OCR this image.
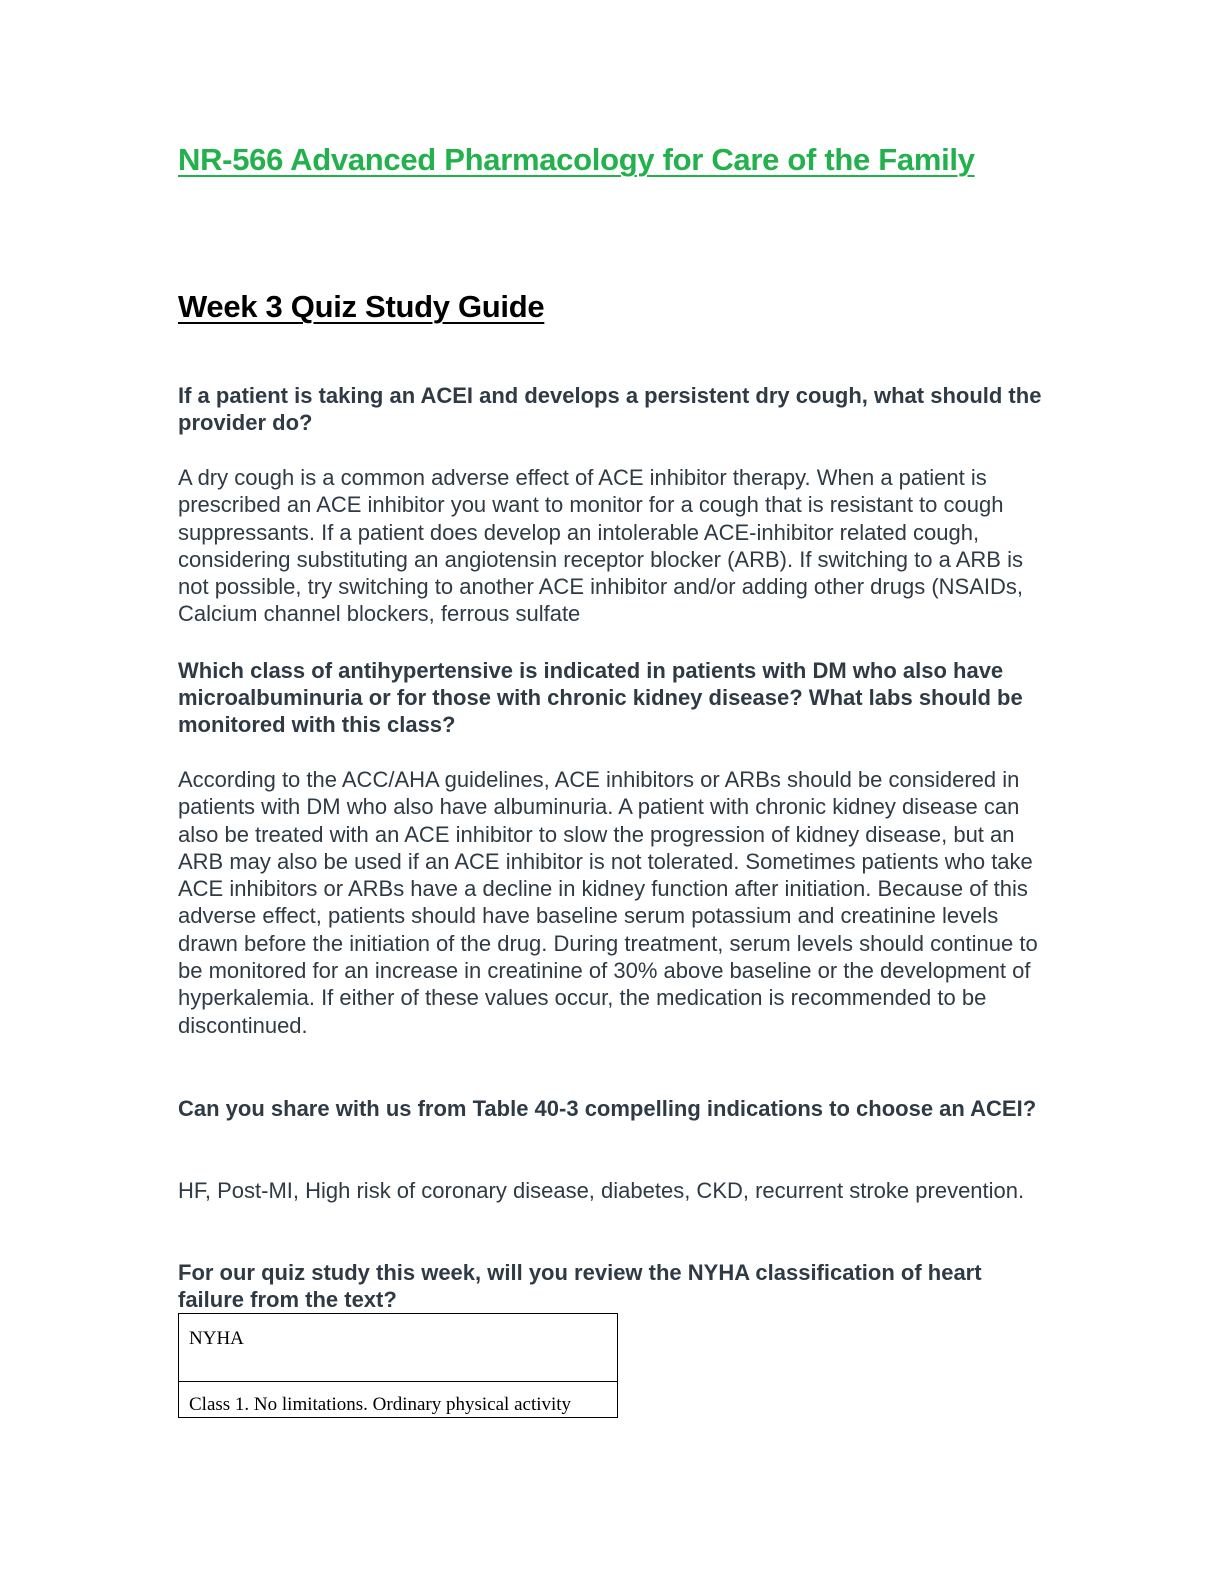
NR-566 Advanced Pharmacology for Care of the Family
Week 3 Quiz Study Guide

If a patient is taking an ACEI and develops a persistent dry cough, what should the provider do?

A dry cough is a common adverse effect of ACE inhibitor therapy. When a patient is prescribed an ACE inhibitor you want to monitor for a cough that is resistant to cough suppressants. If a patient does develop an intolerable ACE-inhibitor related cough, considering substituting an angiotensin receptor blocker (ARB). If switching to a ARB is not possible, try switching to another ACE inhibitor and/or adding other drugs (NSAIDs, Calcium channel blockers, ferrous sulfate

Which class of antihypertensive is indicated in patients with DM who also have microalbuminuria or for those with chronic kidney disease? What labs should be monitored with this class?

According to the ACC/AHA guidelines, ACE inhibitors or ARBs should be considered in patients with DM who also have albuminuria. A patient with chronic kidney disease can also be treated with an ACE inhibitor to slow the progression of kidney disease, but an ARB may also be used if an ACE inhibitor is not tolerated. Sometimes patients who take ACE inhibitors or ARBs have a decline in kidney function after initiation. Because of this adverse effect, patients should have baseline serum potassium and creatinine levels drawn before the initiation of the drug. During treatment, serum levels should continue to be monitored for an increase in creatinine of 30% above baseline or the development of hyperkalemia. If either of these values occur, the medication is recommended to be discontinued.

Can you share with us from Table 40-3 compelling indications to choose an ACEI?

HF, Post-MI, High risk of coronary disease, diabetes, CKD, recurrent stroke prevention.

For our quiz study this week, will you review the NYHA classification of heart failure from the text?

NYHA
Class 1. No limitations. Ordinary physical activity
